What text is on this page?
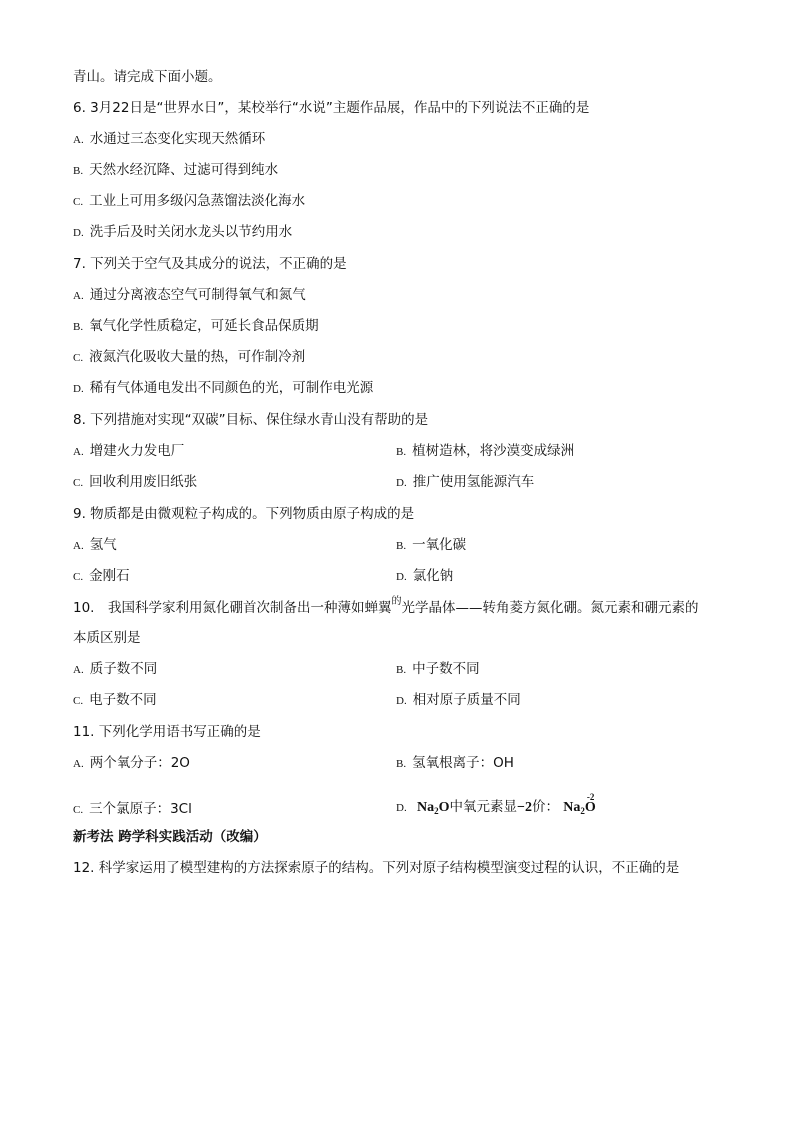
青山。请完成下面小题。
6. 3月22日是“世界水日”，某校举行“水说”主题作品展，作品中的下列说法不正确的是
A. 水通过三态变化实现天然循环
B. 天然水经沉降、过滤可得到纯水
C. 工业上可用多级闪急蒸馏法淡化海水
D. 洗手后及时关闭水龙头以节约用水
7. 下列关于空气及其成分的说法，不正确的是
A. 通过分离液态空气可制得氧气和氮气
B. 氧气化学性质稳定，可延长食品保质期
C. 液氮汽化吸收大量的热，可作制冷剂
D. 稀有气体通电发出不同颜色的光，可制作电光源
8. 下列措施对实现“双碳”目标、保住绿水青山没有帮助的是
A. 增建火力发电厂	B. 植树造林，将沙漠变成绿洲
C. 回收利用废旧纸张	D. 推广使用氢能源汽车
9. 物质都是由微观粒子构成的。下列物质由原子构成的是
A. 氢气	B. 一氧化碳
C. 金刚石	D. 氯化钠
10.　我国科学家利用氮化硼首次制备出一种薄如蝉翼$^的$光学晶体——转角菱方氮化硼。氮元素和硼元素的
本质区别是
A. 质子数不同	B. 中子数不同
C. 电子数不同	D. 相对原子质量不同
11. 下列化学用语书写正确的是
A. 两个氧分子：2O	B. 氢氧根离子：OH
C. 三个氯原子：3Cl	D. $Na_2O$中氧元素显−2价： $Na_2$
-2
O
新考法 跨学科实践活动（改编）
12. 科学家运用了模型建构的方法探索原子的结构。下列对原子结构模型演变过程的认识，不正确的是
